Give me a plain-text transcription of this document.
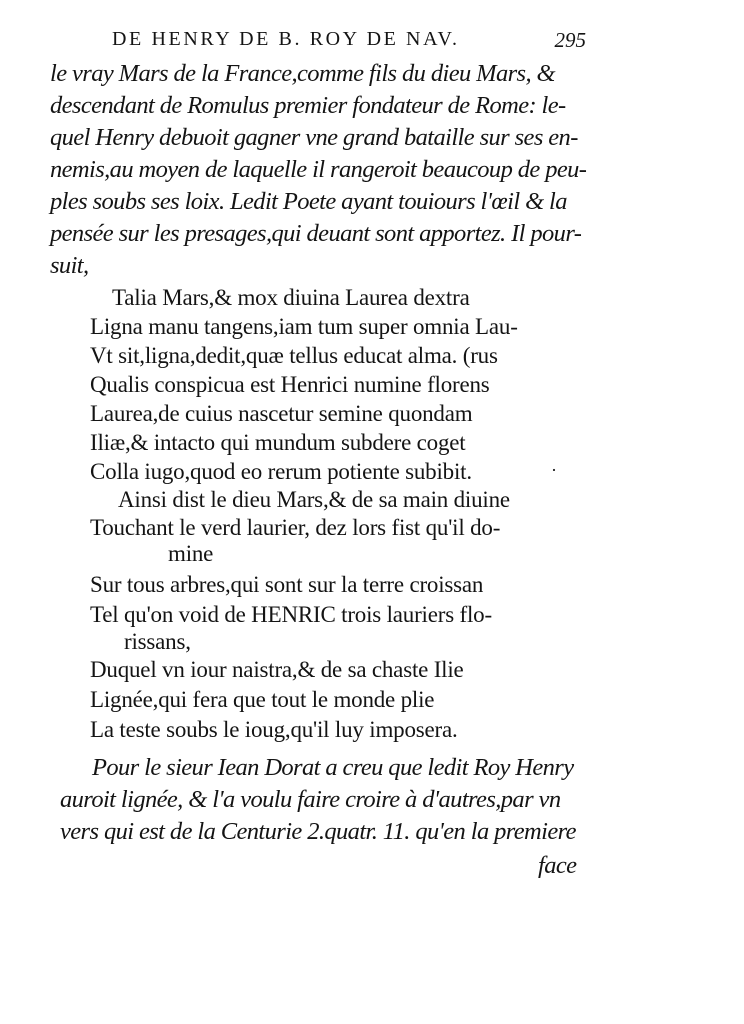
DE HENRY DE B. ROY DE NAV.	295
le vray Mars de la France,comme fils du dieu Mars, &
descendant de Romulus premier fondateur de Rome: le-
quel Henry debuoit gagner vne grand bataille sur ses en-
nemis,au moyen de laquelle il rangeroit beaucoup de peu-
ples soubs ses loix. Ledit Poete ayant touiours l'œil & la
pensée sur les presages,qui deuant sont apportez. Il pour-
suit,
Talia Mars,& mox diuina Laurea dextra
Ligna manu tangens,iam tum super omnia Lau-
Vt sit,ligna,dedit,quæ tellus educat alma. (rus
Qualis conspicua est Henrici numine florens
Laurea,de cuius nascetur semine quondam
Iliæ,& intacto qui mundum subdere coget
Colla iugo,quod eo rerum potiente subibit.	·
Ainsi dist le dieu Mars,& de sa main diuine
Touchant le verd laurier, dez lors fist qu'il do-
mine
Sur tous arbres,qui sont sur la terre croissan
Tel qu'on void de HENRIC trois lauriers flo-
rissans,
Duquel vn iour naistra,& de sa chaste Ilie
Lignée,qui fera que tout le monde plie
La teste soubs le ioug,qu'il luy imposera.
Pour le sieur Iean Dorat a creu que ledit Roy Henry
auroit lignée, & l'a voulu faire croire à d'autres,par vn
vers qui est de la Centurie 2.quatr. 11. qu'en la premiere
face
